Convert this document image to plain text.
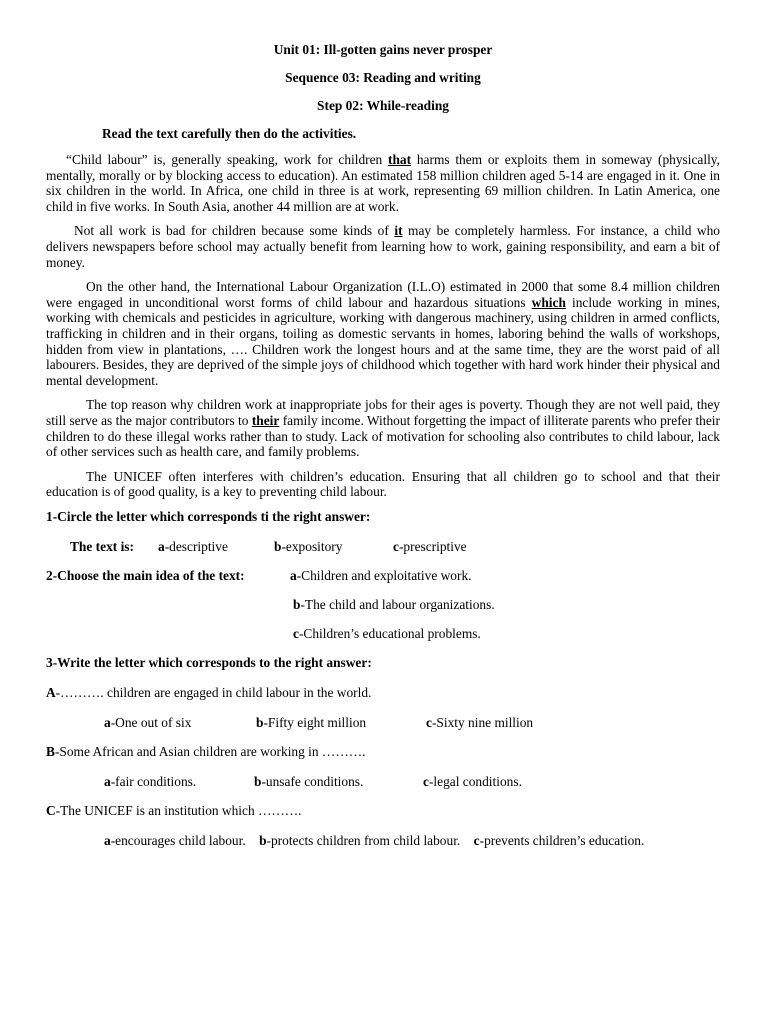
Unit 01: Ill-gotten gains never prosper
Sequence 03: Reading and writing
Step 02: While-reading
Read the text carefully then do the activities.

“Child labour” is, generally speaking, work for children that harms them or exploits them in someway (physically, mentally, morally or by blocking access to education). An estimated 158 million children aged 5-14 are engaged in it. One in six children in the world. In Africa, one child in three is at work, representing 69 million children. In Latin America, one child in five works. In South Asia, another 44 million are at work.

Not all work is bad for children because some kinds of it may be completely harmless. For instance, a child who delivers newspapers before school may actually benefit from learning how to work, gaining responsibility, and earn a bit of money.

On the other hand, the International Labour Organization (I.L.O) estimated in 2000 that some 8.4 million children were engaged in unconditional worst forms of child labour and hazardous situations which include working in mines, working with chemicals and pesticides in agriculture, working with dangerous machinery, using children in armed conflicts, trafficking in children and in their organs, toiling as domestic servants in homes, laboring behind the walls of workshops, hidden from view in plantations, …. Children work the longest hours and at the same time, they are the worst paid of all labourers. Besides, they are deprived of the simple joys of childhood which together with hard work hinder their physical and mental development.

The top reason why children work at inappropriate jobs for their ages is poverty. Though they are not well paid, they still serve as the major contributors to their family income. Without forgetting the impact of illiterate parents who prefer their children to do these illegal works rather than to study. Lack of motivation for schooling also contributes to child labour, lack of other services such as health care, and family problems.

The UNICEF often interferes with children’s education. Ensuring that all children go to school and that their education is of good quality, is a key to preventing child labour.

1-Circle the letter which corresponds ti the right answer:
The text is: a-descriptive	b-expository	c-prescriptive
2-Choose the main idea of the text:	a-Children and exploitative work.
b-The child and labour organizations.
c-Children’s educational problems.
3-Write the letter which corresponds to the right answer:
A-………. children are engaged in child labour in the world.
a-One out of six	b-Fifty eight million	c-Sixty nine million
B-Some African and Asian children are working in ……….
a-fair conditions.	b-unsafe conditions.	c-legal conditions.
C-The UNICEF is an institution which ……….
a-encourages child labour. b-protects children from child labour. c-prevents children’s education.
